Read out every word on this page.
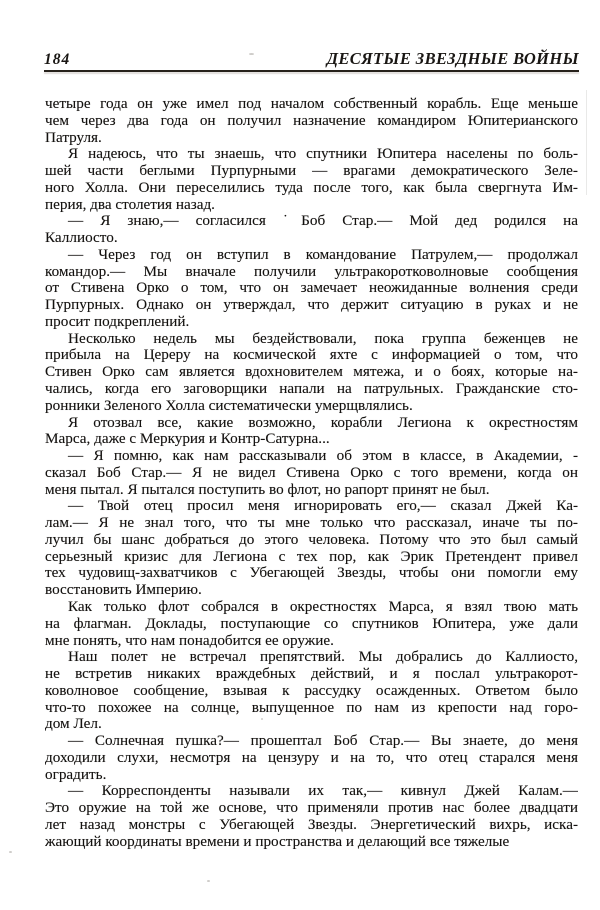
184	ДЕСЯТЫЕ ЗВЕЗДНЫЕ ВОЙНЫ
четыре года он уже имел под началом собственный корабль. Еще меньше
чем через два года он получил назначение командиром Юпитерианского
Патруля.
Я надеюсь, что ты знаешь, что спутники Юпитера населены по боль-
шей части беглыми Пурпурными — врагами демократического Зеле-
ного Холла. Они переселились туда после того, как была свергнута Им-
перия, два столетия назад.
— Я знаю,— согласился ˙Боб Стар.— Мой дед родился на
Каллиосто.
— Через год он вступил в командование Патрулем,— продолжал
командор.— Мы вначале получили ультракоротковолновые сообщения
от Стивена Орко о том, что он замечает неожиданные волнения среди
Пурпурных. Однако он утверждал, что держит ситуацию в руках и не
просит подкреплений.
Несколько недель мы бездействовали, пока группа беженцев не
прибыла на Цереру на космической яхте с информацией о том, что
Стивен Орко сам является вдохновителем мятежа, и о боях, которые на-
чались, когда его заговорщики напали на патрульных. Гражданские сто-
ронники Зеленого Холла систематически умерщвлялись.
Я отозвал все, какие возможно, корабли Легиона к окрестностям
Марса, даже с Меркурия и Контр-Сатурна...
— Я помню, как нам рассказывали об этом в классе, в Академии, -
сказал Боб Стар.— Я не видел Стивена Орко с того времени, когда он
меня пытал. Я пытался поступить во флот, но рапорт принят не был.
— Твой отец просил меня игнорировать его,— сказал Джей Ка-
лам.— Я не знал того, что ты мне только что рассказал, иначе ты по-
лучил бы шанс добраться до этого человека. Потому что это был самый
серьезный кризис для Легиона с тех пор, как Эрик Претендент привел
тех чудовищ-захватчиков с Убегающей Звезды, чтобы они помогли ему
восстановить Империю.
Как только флот собрался в окрестностях Марса, я взял твою мать
на флагман. Доклады, поступающие со спутников Юпитера, уже дали
мне понять, что нам понадобится ее оружие.
Наш полет не встречал препятствий. Мы добрались до Каллиосто,
не встретив никаких враждебных действий, и я послал ультракорот-
коволновое сообщение, взывая к рассудку осажденных. Ответом было
что-то похожее на солнце, выпущенное по нам из крепости над горо-
дом Лел.
— Солнечная пушка?— прошептал Боб Стар.— Вы знаете, до меня
доходили слухи, несмотря на цензуру и на то, что отец старался меня
оградить.
— Корреспонденты называли их так,— кивнул Джей Калам.—
Это оружие на той же основе, что применяли против нас более двадцати
лет назад монстры с Убегающей Звезды. Энергетический вихрь, иска-
жающий координаты времени и пространства и делающий все тяжелые
